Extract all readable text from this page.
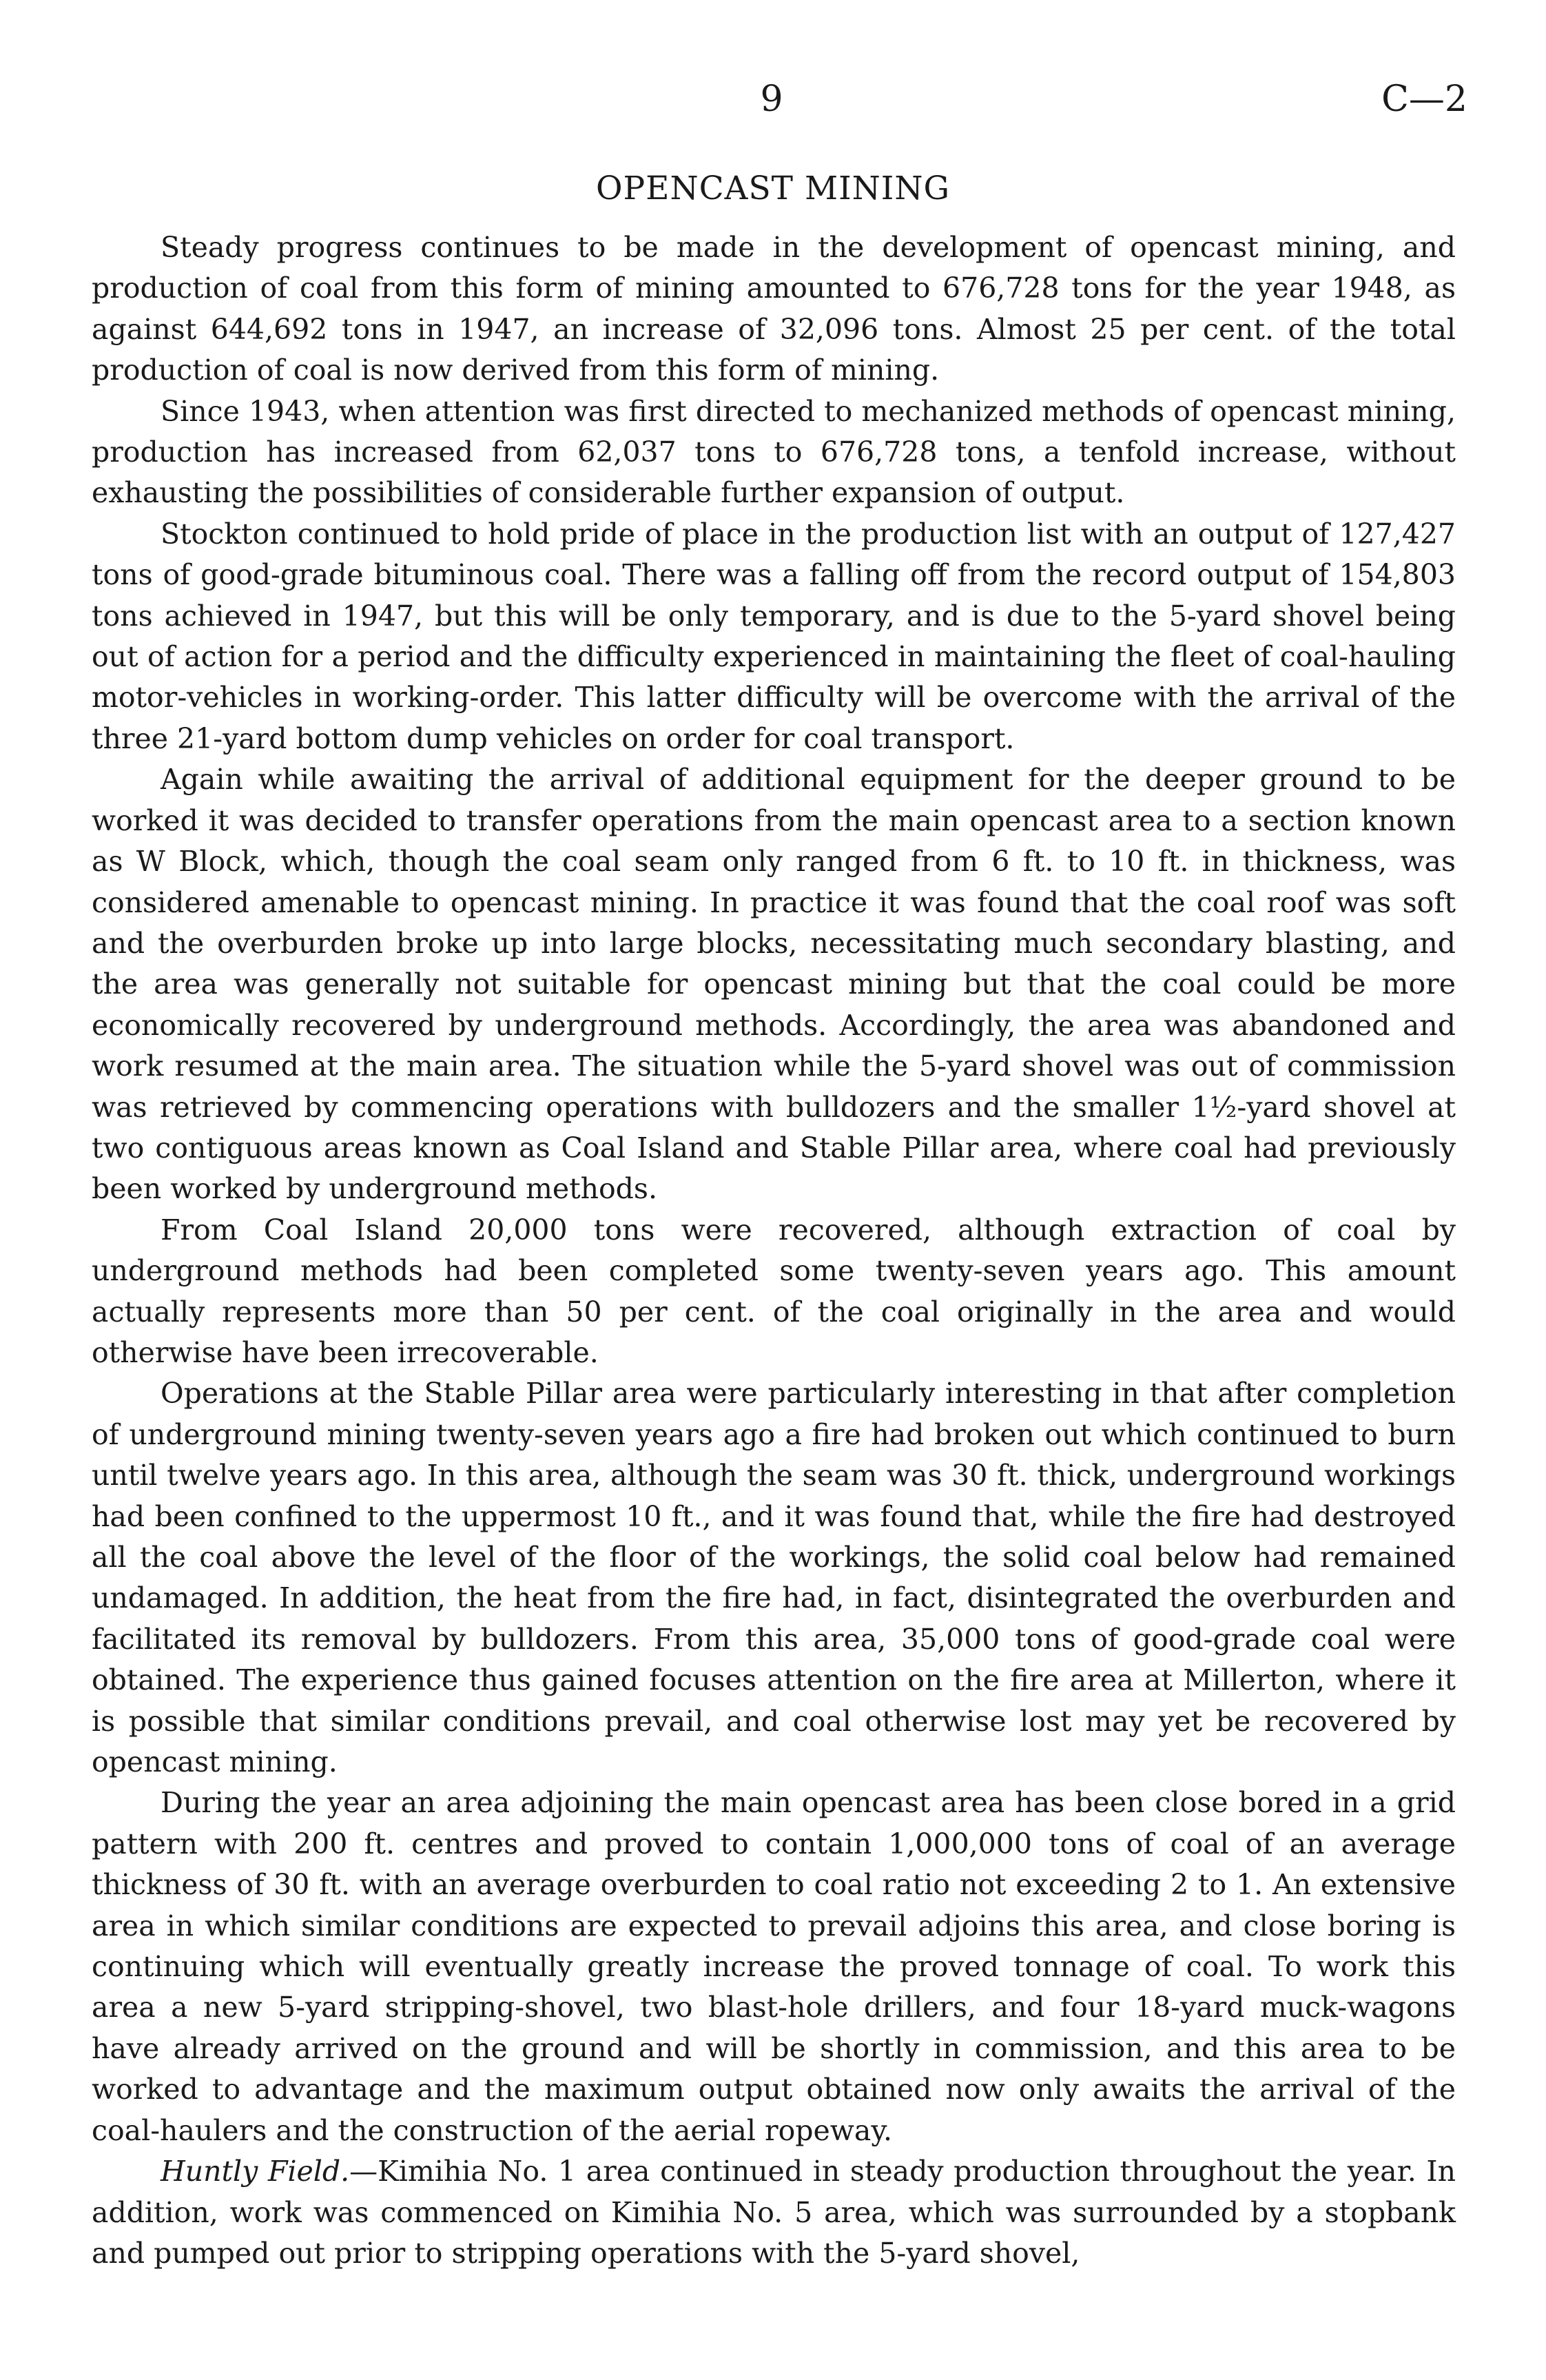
9	C—2
OPENCAST MINING

Steady progress continues to be made in the development of opencast mining, and production of coal from this form of mining amounted to 676,728 tons for the year 1948, as against 644,692 tons in 1947, an increase of 32,096 tons. Almost 25 per cent. of the total production of coal is now derived from this form of mining.

Since 1943, when attention was first directed to mechanized methods of opencast mining, production has increased from 62,037 tons to 676,728 tons, a tenfold increase, without exhausting the possibilities of considerable further expansion of output.

Stockton continued to hold pride of place in the production list with an output of 127,427 tons of good-grade bituminous coal. There was a falling off from the record output of 154,803 tons achieved in 1947, but this will be only temporary, and is due to the 5-yard shovel being out of action for a period and the difficulty experienced in maintaining the fleet of coal-hauling motor-vehicles in working-order. This latter difficulty will be overcome with the arrival of the three 21-yard bottom dump vehicles on order for coal transport.

Again while awaiting the arrival of additional equipment for the deeper ground to be worked it was decided to transfer operations from the main opencast area to a section known as W Block, which, though the coal seam only ranged from 6 ft. to 10 ft. in thickness, was considered amenable to opencast mining. In practice it was found that the coal roof was soft and the overburden broke up into large blocks, necessitating much secondary blasting, and the area was generally not suitable for opencast mining but that the coal could be more economically recovered by underground methods. Accordingly, the area was abandoned and work resumed at the main area. The situation while the 5-yard shovel was out of commission was retrieved by commencing operations with bulldozers and the smaller 1½-yard shovel at two contiguous areas known as Coal Island and Stable Pillar area, where coal had previously been worked by underground methods.

From Coal Island 20,000 tons were recovered, although extraction of coal by underground methods had been completed some twenty-seven years ago. This amount actually represents more than 50 per cent. of the coal originally in the area and would otherwise have been irrecoverable.

Operations at the Stable Pillar area were particularly interesting in that after completion of underground mining twenty-seven years ago a fire had broken out which continued to burn until twelve years ago. In this area, although the seam was 30 ft. thick, underground workings had been confined to the uppermost 10 ft., and it was found that, while the fire had destroyed all the coal above the level of the floor of the workings, the solid coal below had remained undamaged. In addition, the heat from the fire had, in fact, disintegrated the overburden and facilitated its removal by bulldozers. From this area, 35,000 tons of good-grade coal were obtained. The experience thus gained focuses attention on the fire area at Millerton, where it is possible that similar conditions prevail, and coal otherwise lost may yet be recovered by opencast mining.

During the year an area adjoining the main opencast area has been close bored in a grid pattern with 200 ft. centres and proved to contain 1,000,000 tons of coal of an average thickness of 30 ft. with an average overburden to coal ratio not exceeding 2 to 1. An extensive area in which similar conditions are expected to prevail adjoins this area, and close boring is continuing which will eventually greatly increase the proved tonnage of coal. To work this area a new 5-yard stripping-shovel, two blast-hole drillers, and four 18-yard muck-wagons have already arrived on the ground and will be shortly in commission, and this area to be worked to advantage and the maximum output obtained now only awaits the arrival of the coal-haulers and the construction of the aerial ropeway.

Huntly Field.—Kimihia No. 1 area continued in steady production throughout the year. In addition, work was commenced on Kimihia No. 5 area, which was surrounded by a stopbank and pumped out prior to stripping operations with the 5-yard shovel,
